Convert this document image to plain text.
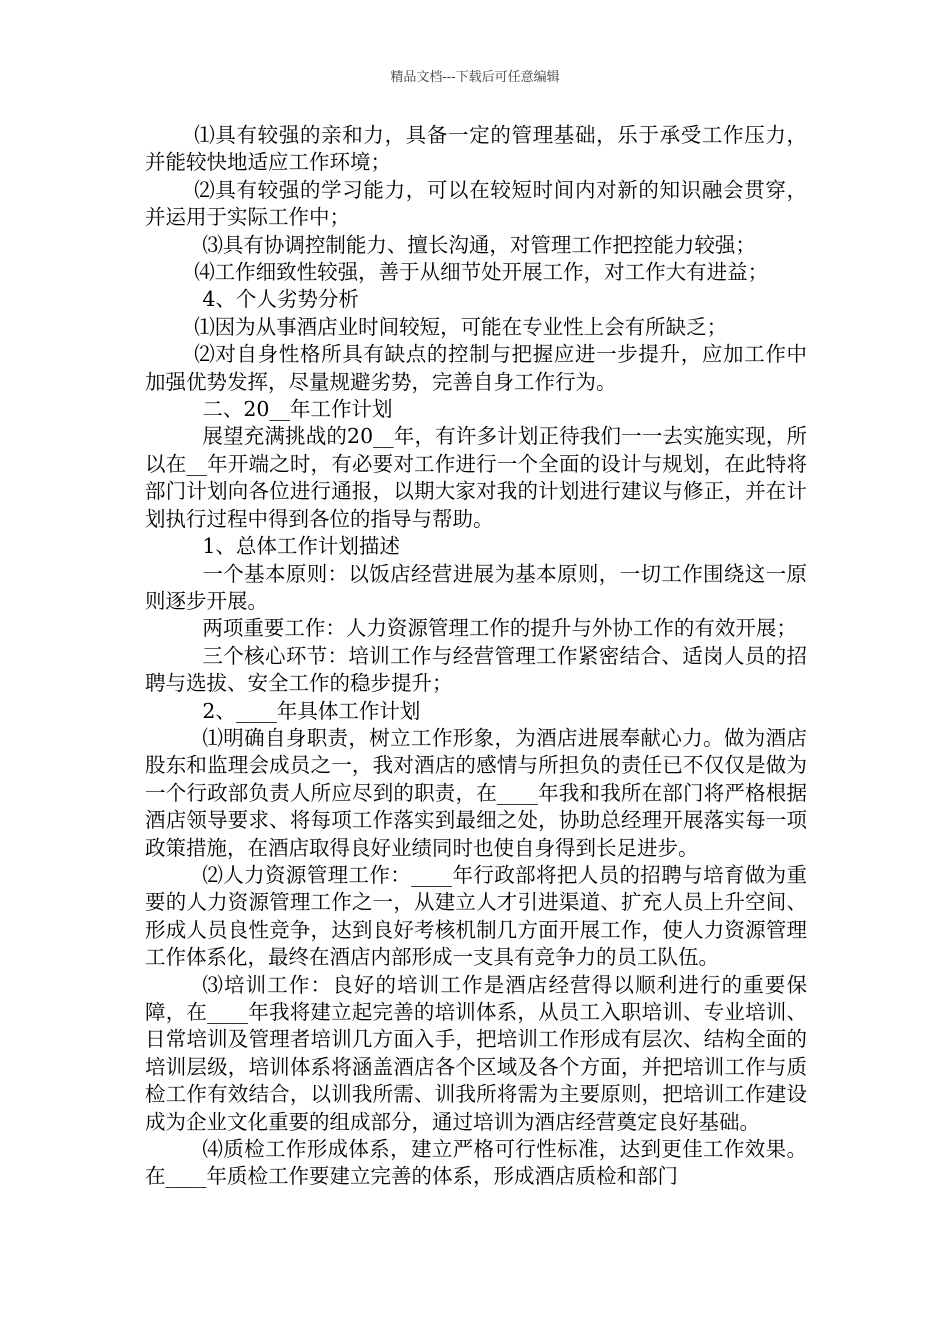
精品文档---下载后可任意编辑

⑴具有较强的亲和力，具备一定的管理基础，乐于承受工作压力，并能较快地适应工作环境；

⑵具有较强的学习能力，可以在较短时间内对新的知识融会贯穿，并运用于实际工作中；

⑶具有协调控制能力、擅长沟通，对管理工作把控能力较强；

⑷工作细致性较强，善于从细节处开展工作，对工作大有进益；

4、个人劣势分析

⑴因为从事酒店业时间较短，可能在专业性上会有所缺乏；

⑵对自身性格所具有缺点的控制与把握应进一步提升，应加工作中加强优势发挥，尽量规避劣势，完善自身工作行为。

二、20__年工作计划

展望充满挑战的20__年，有许多计划正待我们一一去实施实现，所以在__年开端之时，有必要对工作进行一个全面的设计与规划，在此特将部门计划向各位进行通报，以期大家对我的计划进行建议与修正，并在计划执行过程中得到各位的指导与帮助。

1、总体工作计划描述

一个基本原则：以饭店经营进展为基本原则，一切工作围绕这一原则逐步开展。

两项重要工作：人力资源管理工作的提升与外协工作的有效开展；

三个核心环节：培训工作与经营管理工作紧密结合、适岗人员的招聘与选拔、安全工作的稳步提升；

2、____年具体工作计划

⑴明确自身职责，树立工作形象，为酒店进展奉献心力。做为酒店股东和监理会成员之一，我对酒店的感情与所担负的责任已不仅仅是做为一个行政部负责人所应尽到的职责，在____年我和我所在部门将严格根据酒店领导要求、将每项工作落实到最细之处，协助总经理开展落实每一项政策措施，在酒店取得良好业绩同时也使自身得到长足进步。

⑵人力资源管理工作：____年行政部将把人员的招聘与培育做为重要的人力资源管理工作之一，从建立人才引进渠道、扩充人员上升空间、形成人员良性竞争，达到良好考核机制几方面开展工作，使人力资源管理工作体系化，最终在酒店内部形成一支具有竞争力的员工队伍。

⑶培训工作：良好的培训工作是酒店经营得以顺利进行的重要保障，在____年我将建立起完善的培训体系，从员工入职培训、专业培训、日常培训及管理者培训几方面入手，把培训工作形成有层次、结构全面的培训层级，培训体系将涵盖酒店各个区域及各个方面，并把培训工作与质检工作有效结合，以训我所需、训我所将需为主要原则，把培训工作建设成为企业文化重要的组成部分，通过培训为酒店经营奠定良好基础。

⑷质检工作形成体系，建立严格可行性标准，达到更佳工作效果。在____年质检工作要建立完善的体系，形成酒店质检和部门
